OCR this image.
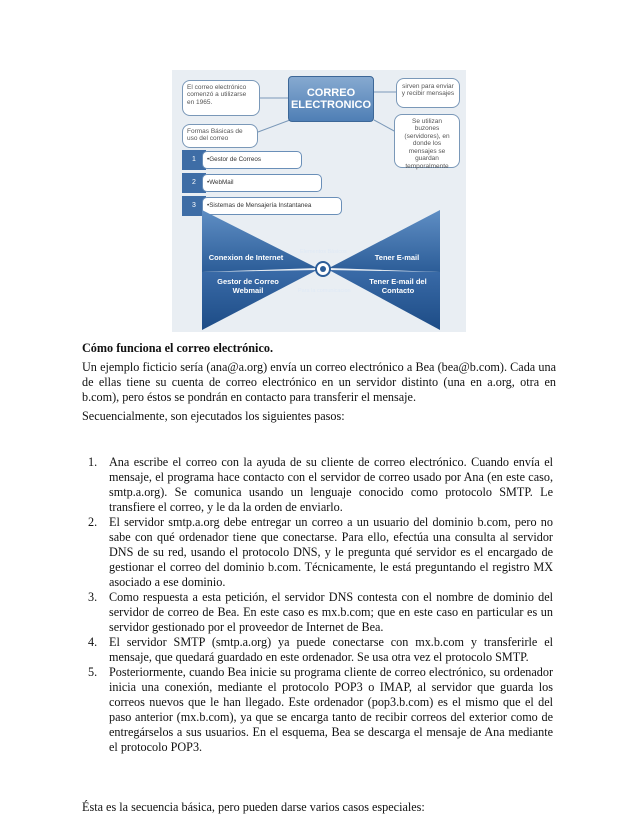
El correo electrónico comenzó a utilizarse en 1965.
CORREO
ELECTRONICO
sirven para enviar y recibir mensajes
Formas Básicas de uso del correo
Se utilizan buzones (servidores), en donde los mensajes se guardan temporalmente
1	•Gestor de Correos
2	•WebMail
3	•Sistemas de Mensajería Instantanea
Conexion de Internet	Tener E-mail
Gestor de Correo
Webmail
Tener E-mail del
Contacto
Elementos Básicos
Para la comunicacion
Cómo funciona el correo electrónico.
Un ejemplo ficticio sería (ana@a.org) envía un correo electrónico a Bea (bea@b.com). Cada una de ellas tiene su cuenta de correo electrónico en un servidor distinto (una en a.org, otra en b.com), pero éstos se pondrán en contacto para transferir el mensaje.
Secuencialmente, son ejecutados los siguientes pasos:
1. Ana escribe el correo con la ayuda de su cliente de correo electrónico. Cuando envía el mensaje, el programa hace contacto con el servidor de correo usado por Ana (en este caso, smtp.a.org). Se comunica usando un lenguaje conocido como protocolo SMTP. Le transfiere el correo, y le da la orden de enviarlo.
2. El servidor smtp.a.org debe entregar un correo a un usuario del dominio b.com, pero no sabe con qué ordenador tiene que conectarse. Para ello, efectúa una consulta al servidor DNS de su red, usando el protocolo DNS, y le pregunta qué servidor es el encargado de gestionar el correo del dominio b.com. Técnicamente, le está preguntando el registro MX asociado a ese dominio.
3. Como respuesta a esta petición, el servidor DNS contesta con el nombre de dominio del servidor de correo de Bea. En este caso es mx.b.com; que en este caso en particular es un servidor gestionado por el proveedor de Internet de Bea.
4. El servidor SMTP (smtp.a.org) ya puede conectarse con mx.b.com y transferirle el mensaje, que quedará guardado en este ordenador. Se usa otra vez el protocolo SMTP.
5. Posteriormente, cuando Bea inicie su programa cliente de correo electrónico, su ordenador inicia una conexión, mediante el protocolo POP3 o IMAP, al servidor que guarda los correos nuevos que le han llegado. Este ordenador (pop3.b.com) es el mismo que el del paso anterior (mx.b.com), ya que se encarga tanto de recibir correos del exterior como de entregárselos a sus usuarios. En el esquema, Bea se descarga el mensaje de Ana mediante el protocolo POP3.
Ésta es la secuencia básica, pero pueden darse varios casos especiales:
